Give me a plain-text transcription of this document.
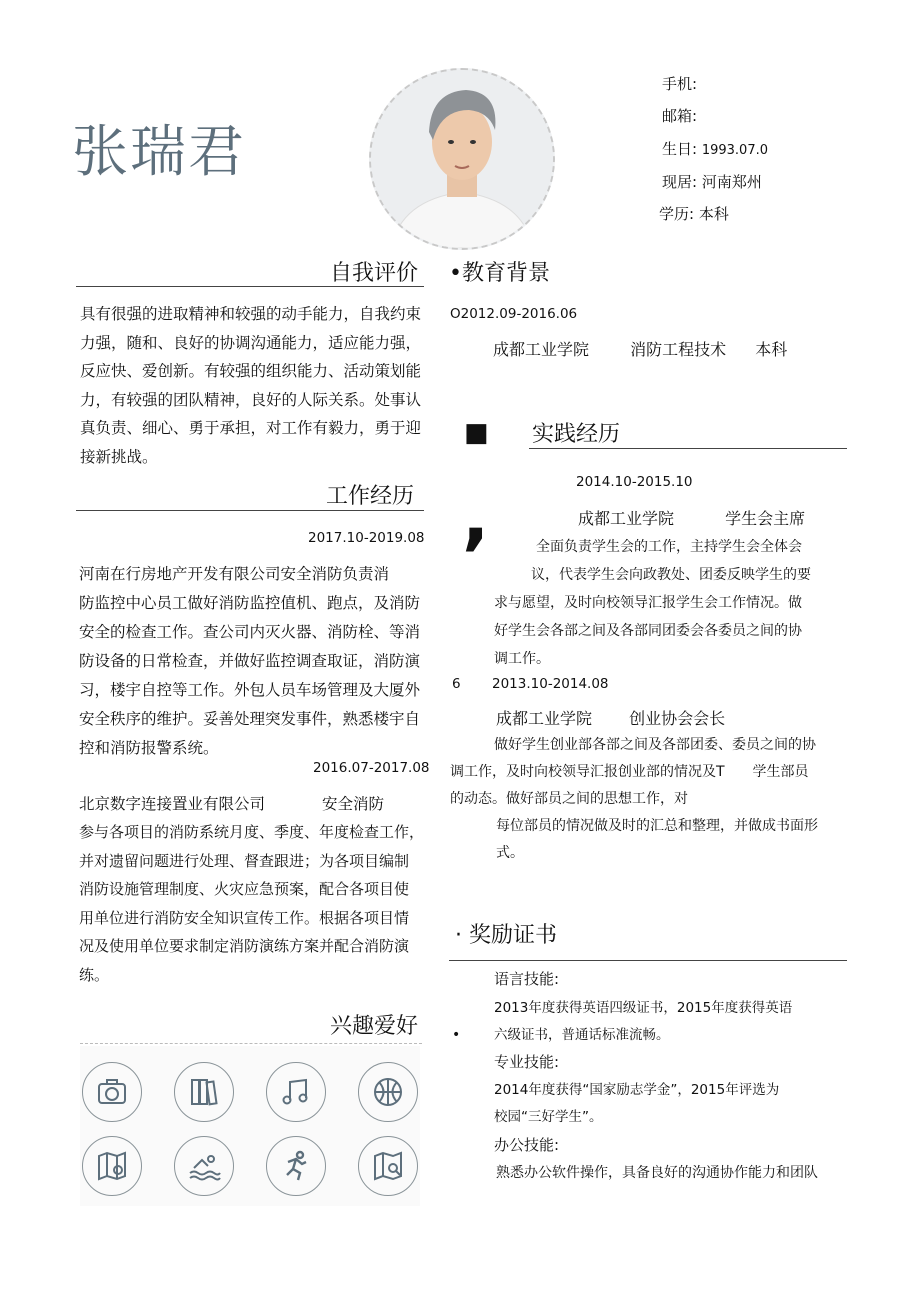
张瑞君
手机:
邮箱:
生日: 1993.07.0
现居: 河南郑州
学历: 本科
自我评价
具有很强的进取精神和较强的动手能力，自我约束
力强，随和、良好的协调沟通能力，适应能力强，
反应快、爱创新。有较强的组织能力、活动策划能
力，有较强的团队精神，良好的人际关系。处事认
真负责、细心、勇于承担，对工作有毅力，勇于迎
接新挑战。
工作经历
2017.10-2019.08
河南在行房地产开发有限公司安全消防负责消
防监控中心员工做好消防监控值机、跑点，及消防
安全的检查工作。查公司内灭火器、消防栓、等消
防设备的日常检查，并做好监控调查取证，消防演
习，楼宇自控等工作。外包人员车场管理及大厦外
安全秩序的维护。妥善处理突发事件，熟悉楼宇自
控和消防报警系统。
2016.07-2017.08
北京数字连接置业有限公司	安全消防
参与各项目的消防系统月度、季度、年度检查工作，
并对遗留问题进行处理、督查跟进；为各项目编制
消防设施管理制度、火灾应急预案，配合各项目使
用单位进行消防安全知识宣传工作。根据各项目情
况及使用单位要求制定消防演练方案并配合消防演
练。
兴趣爱好
•教育背景
O2012.09-2016.06
成都工业学院	消防工程技术 本科
■ 实践经历
2014.10-2015.10
,	成都工业学院	学生会主席
全面负责学生会的工作，主持学生会全体会
议，代表学生会向政教处、团委反映学生的要
求与愿望，及时向校领导汇报学生会工作情况。做
好学生会各部之间及各部同团委会各委员之间的协
调工作。
6 2013.10-2014.08
成都工业学院 创业协会会长
做好学生创业部各部之间及各部团委、委员之间的协
调工作，及时向校领导汇报创业部的情况及T　　学生部员
的动态。做好部员之间的思想工作，对
每位部员的情况做及时的汇总和整理，并做成书面形
式。
· 奖励证书
语言技能:
2013年度获得英语四级证书，2015年度获得英语
• 六级证书，普通话标准流畅。
专业技能:
2014年度获得“国家励志学金”，2015年评选为
校园“三好学生”。
办公技能:
熟悉办公软件操作，具备良好的沟通协作能力和团队
